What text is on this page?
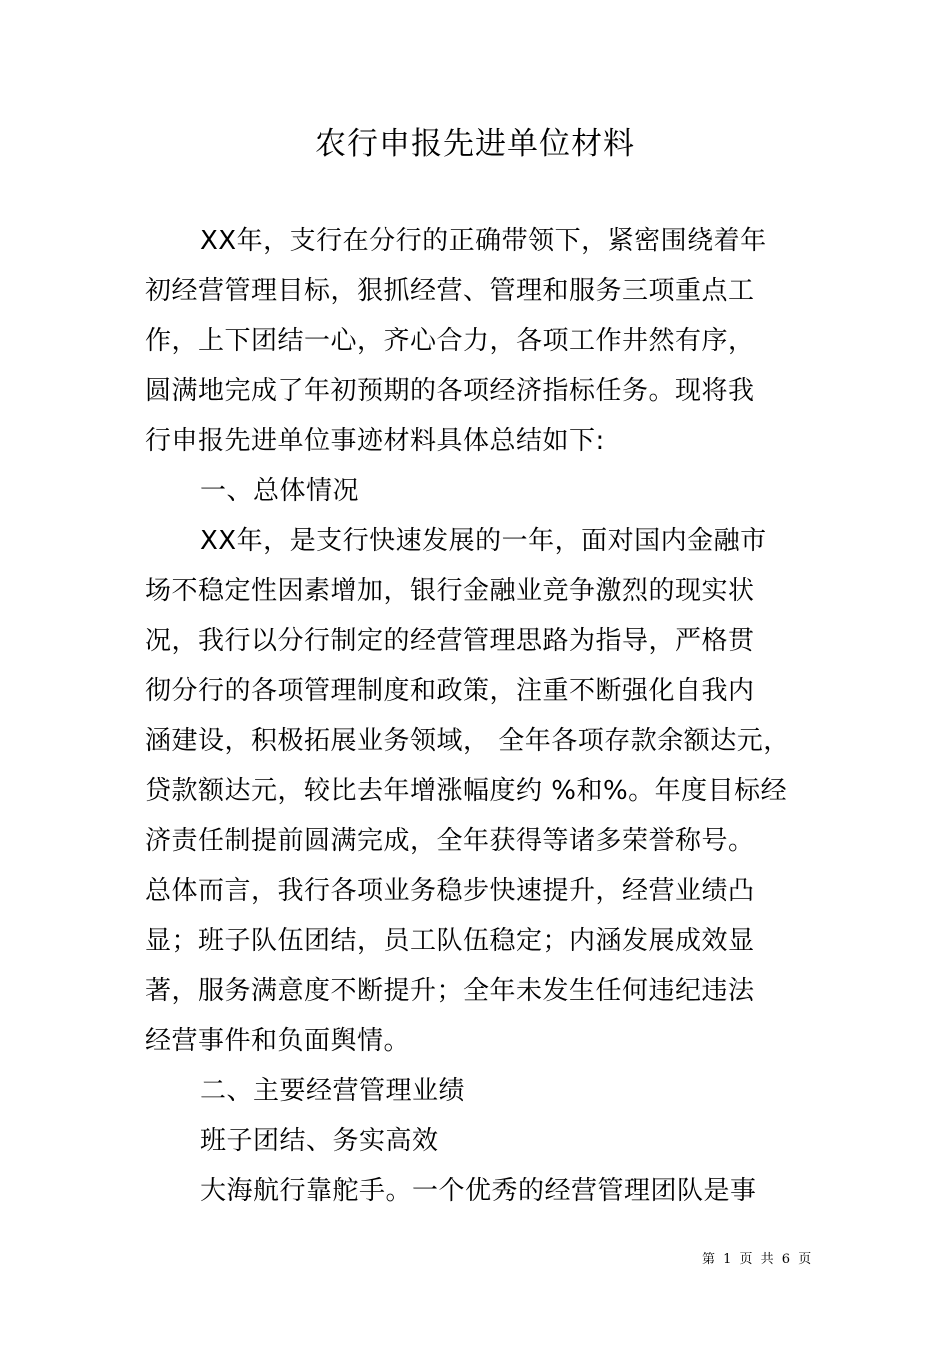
农行申报先进单位材料
XX年，支行在分行的正确带领下，紧密围绕着年
初经营管理目标，狠抓经营、管理和服务三项重点工
作，上下团结一心，齐心合力，各项工作井然有序，
圆满地完成了年初预期的各项经济指标任务。现将我
行申报先进单位事迹材料具体总结如下:
一、总体情况
XX年，是支行快速发展的一年，面对国内金融市
场不稳定性因素增加，银行金融业竞争激烈的现实状
况，我行以分行制定的经营管理思路为指导，严格贯
彻分行的各项管理制度和政策，注重不断强化自我内
涵建设，积极拓展业务领域， 全年各项存款余额达元，
贷款额达元，较比去年增涨幅度约 %和%。年度目标经
济责任制提前圆满完成，全年获得等诸多荣誉称号。
总体而言，我行各项业务稳步快速提升，经营业绩凸
显；班子队伍团结，员工队伍稳定；内涵发展成效显
著，服务满意度不断提升；全年未发生任何违纪违法
经营事件和负面舆情。
二、主要经营管理业绩
班子团结、务实高效
大海航行靠舵手。一个优秀的经营管理团队是事
第 1 页 共 6 页
